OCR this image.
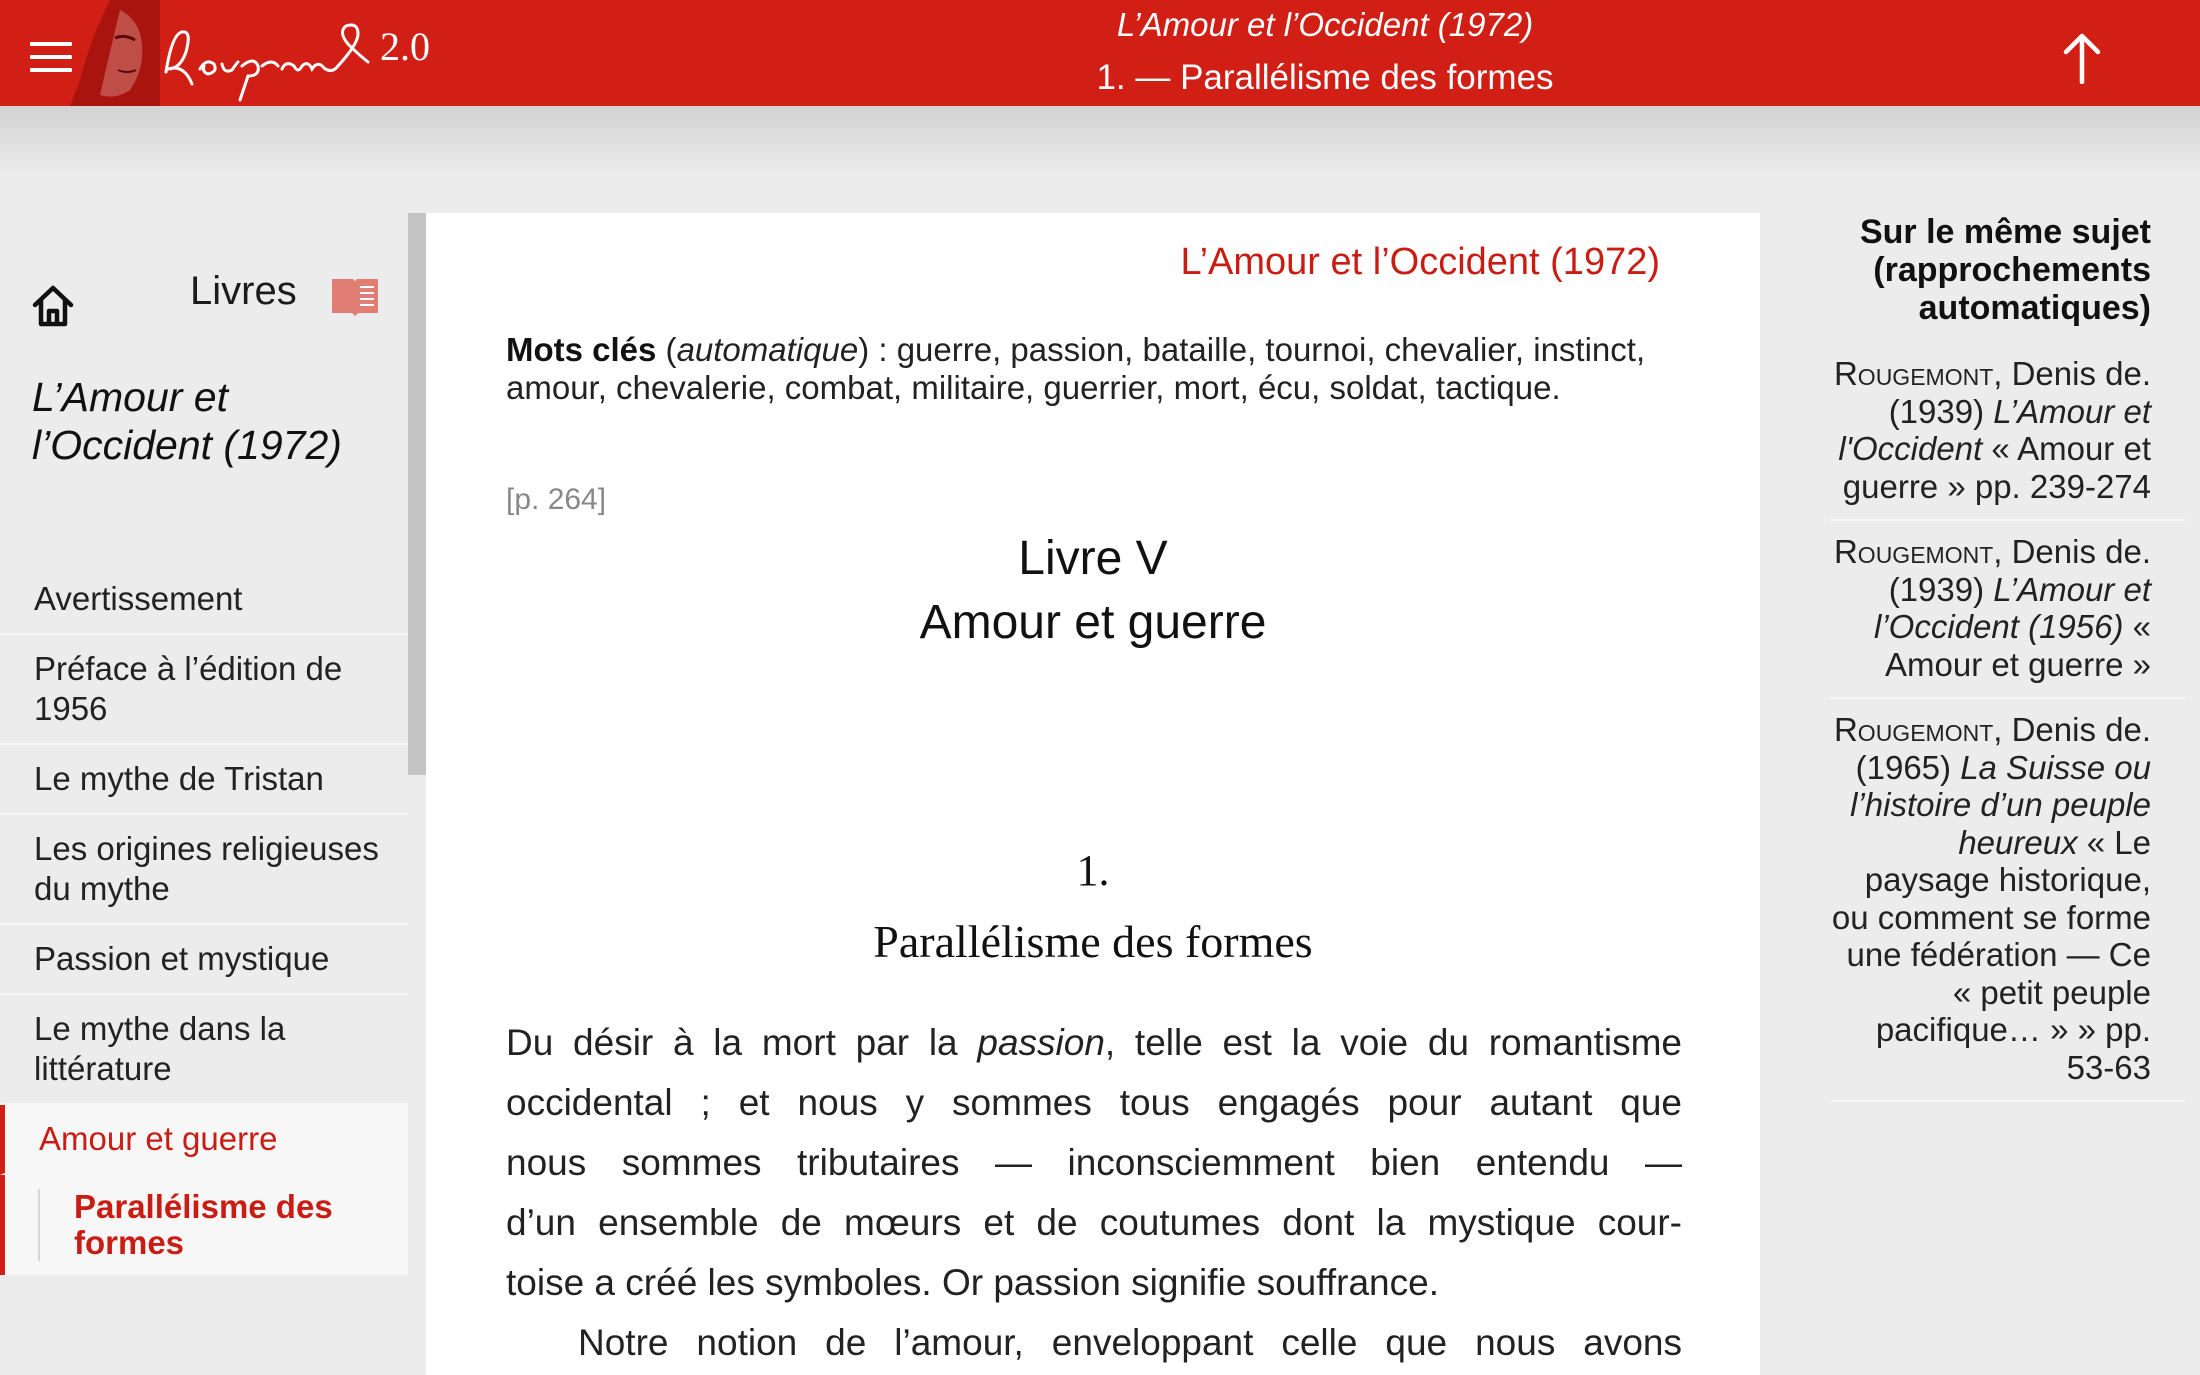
2.0	L’Amour et l’Occident (1972)
1. — Parallélisme des formes
Livres
L’Amour et l’Occident (1972)
Avertissement
Préface à l’édition de 1956
Le mythe de Tristan
Les origines religieuses du mythe
Passion et mystique
Le mythe dans la littérature
Amour et guerre
Parallélisme des formes
L’Amour et l’Occident (1972)
Mots clés (automatique) : guerre, passion, bataille, tournoi, chevalier, instinct, amour, chevalerie, combat, militaire, guerrier, mort, écu, soldat, tactique.
[p. 264]
Livre V
Amour et guerre
1.
Parallélisme des formes

Du désir à la mort par la passion, telle est la voie du romantisme

occidental ; et nous y sommes tous engagés pour autant que

nous sommes tributaires — inconsciemment bien entendu —

d’un ensemble de mœurs et de coutumes dont la mystique cour-

toise a créé les symboles. Or passion signifie souffrance.

Notre notion de l’amour, enveloppant celle que nous avons

Sur le même sujet (rapprochements automatiques)
Rougemont, Denis de. (1939) L’Amour et l'Occident « Amour et guerre » pp. 239-274
Rougemont, Denis de. (1939) L’Amour et l’Occident (1956) « Amour et guerre »
Rougemont, Denis de. (1965) La Suisse ou l’histoire d’un peuple heureux « Le paysage historique, ou comment se forme une fédération — Ce « petit peuple pacifique… » » pp. 53-63
